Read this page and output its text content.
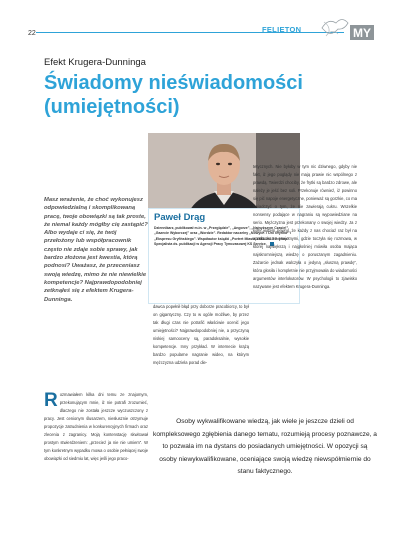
22	FELIETON	MY
Efekt Krugera-Dunninga
Świadomy nieświadomości (umiejętności)
Paweł Drąg
Dziennikarz, publikował m.in. w „Przeglądzie”, „Angorze”, „Najnyższym Czasie!”, „Gazecie Wyborczej” oraz „Wordzie”. Redaktor naczelny „Nowych 7 Dni Gryfina” i „Ekspresu Gryfińskiego”. Współautor książki „Portret Miasta 1945–2015 Gryfino”. Specjalista ds. publikacji w Agencji Pracy Tymczasowej KS Service.
Masz wrażenie, że choć wykonujesz odpowiedzialną i skomplikowaną pracę, twoje obowiązki są tak proste, że niemal każdy mógłby cię zastąpić? Albo wydaje ci się, że twój przełożony lub współpracownik często nie zdaje sobie sprawy, jak bardzo złożona jest kwestia, którą podnosi? Uważasz, że przeceniasz swoją wiedzę, mimo że nie niewielkie kompetencje? Najprawdopodobniej zetknąłeś się z efektem Krugera-Dunninga.
Rozmawiałem kilka dni temu ze znajomym, przekonującym mnie, iż nie potrafi zrozumieć, dlaczego nie została jeszcze wyczuszczony z pracy. Jest cenionym ślusarzem, niesłusznie otrzymuje propozycje zatrudnienia w konkurencyjnych firmach oraz zlecenia z zagranicy. Moją kontenstację skwitował prostym stwierdzeniem: „przecież ja nie nie umiem”. W tym konkretnym wypadku mowa o osobie pełniącej swoje obowiązki od siedmiu lat, więc jeśli jego praco-

dawca popełnił błąd przy doborze pracobiorcy, to był on gigantyczny. Czy to w ogóle możliwe, by przez tak długi czas nie potrafić właściwie ocenić jego umiejętności? Najprawdopodobniej nie, a przyczyną niskiej samooceny są, paradoksalnie, wysokie kompetencje. Inny przykład. W internecie krążą bardzo popularne nagranie wideo, na którym mężczyzna udziela porad die-

tetycznych. Nie byłoby w tym nic dziwnego, gdyby nie fakt, iż jego poglądy nie mają prawie nic wspólnego z prawdą. Twierdzi chociby, że frytki są bardzo zdrowe, ale należy je jeść bez soli. Przekonuje również, iż powinno się pić napoje energetyczne, ponieważ są gorzkie, co ma świadczyć o tym, że nie zawierają cukru. Wszelkie nonsensy podające w nagraniu są wypowiedziane na serio. Mężczyzna jest przekonany o swojej wiedzy. Ja z kolei jestem pewny, że każdy z nas chociaż raz był na spotkaniu ze znajomymi, gdzie toczyła się rozmowa, w której największą i najgłośniej mówiła osoba mająca najskromniejszą wiedzę o poruszanym zagadnieniu. Zażarcie jednak walczyła o jedyną „słuszną prawdę”, która głosiła i kompletnie nie przyjmowała do wiadomości argumentów interlokutorów. W psychologii to zjawisko nazywane jest efektem Krugera-Dunninga.

Osoby wykwalifikowane wiedzą, jak wiele je jeszcze dzieli od kompleksowego zgłębienia danego tematu, rozumieją procesy poznawcze, a to pozwala im na dystans do posiadanych umiejętności. W opozycji są osoby niewykwalifikowane, oceniające swoją wiedzę niewspółmiernie do stanu faktycznego.
